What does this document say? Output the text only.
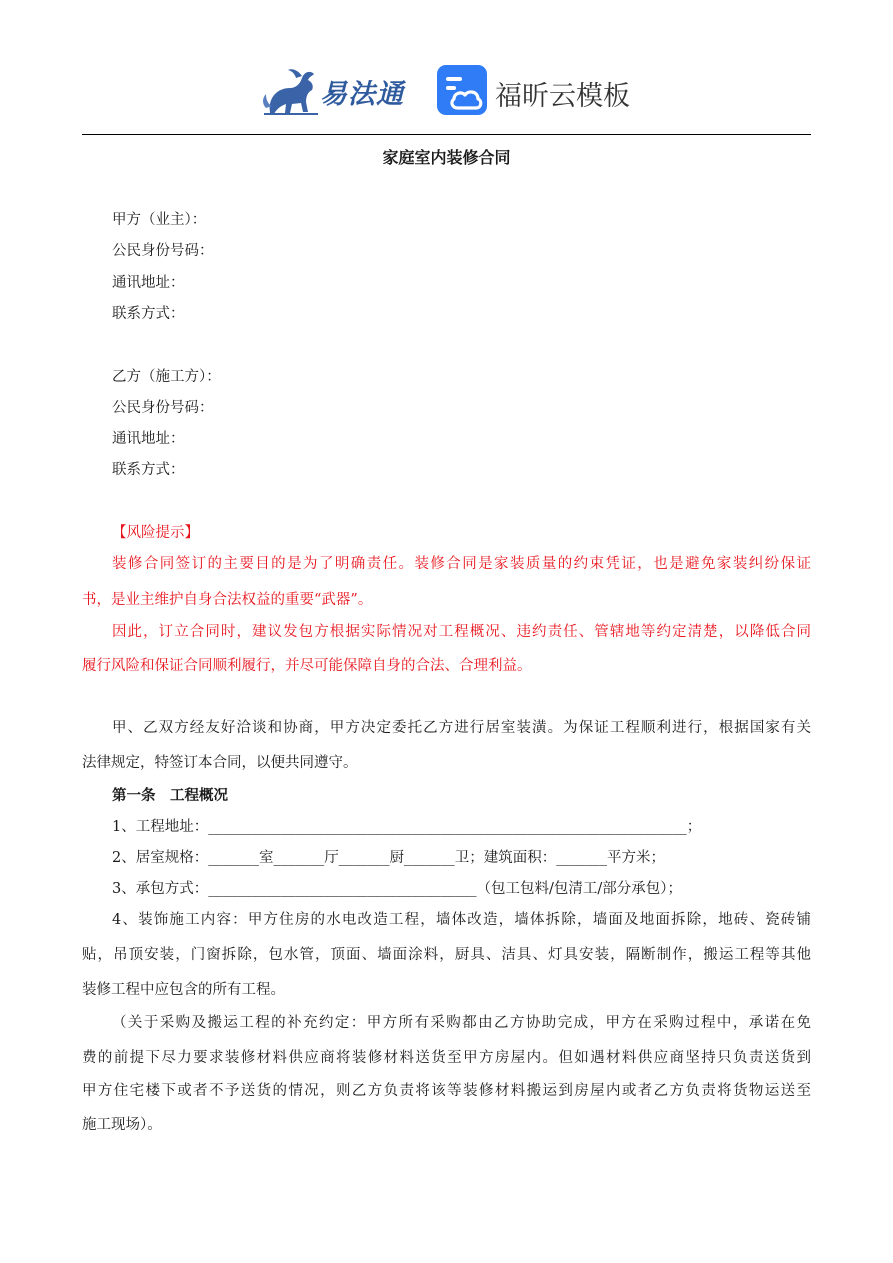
易法通	福昕云模板
家庭室内装修合同
甲方（业主）：
公民身份号码：
通讯地址：
联系方式：
乙方（施工方）：
公民身份号码：
通讯地址：
联系方式：
【风险提示】
装修合同签订的主要目的是为了明确责任。装修合同是家装质量的约束凭证，也是避免家装纠纷保证
书，是业主维护自身合法权益的重要“武器”。
因此，订立合同时，建议发包方根据实际情况对工程概况、违约责任、管辖地等约定清楚，以降低合同
履行风险和保证合同顺利履行，并尽可能保障自身的合法、合理利益。
甲、乙双方经友好洽谈和协商，甲方决定委托乙方进行居室装潢。为保证工程顺利进行，根据国家有关
法律规定，特签订本合同，以便共同遵守。
第一条　工程概况
1、工程地址：__________________________________________________________________；
2、居室规格：_______室_______厅_______厨_______卫；建筑面积：_______平方米；
3、承包方式：_____________________________________（包工包料/包清工/部分承包）；
4、装饰施工内容：甲方住房的水电改造工程，墙体改造，墙体拆除，墙面及地面拆除，地砖、瓷砖铺
贴，吊顶安装，门窗拆除，包水管，顶面、墙面涂料，厨具、洁具、灯具安装，隔断制作，搬运工程等其他
装修工程中应包含的所有工程。
（关于采购及搬运工程的补充约定：甲方所有采购都由乙方协助完成，甲方在采购过程中，承诺在免
费的前提下尽力要求装修材料供应商将装修材料送货至甲方房屋内。但如遇材料供应商坚持只负责送货到
甲方住宅楼下或者不予送货的情况，则乙方负责将该等装修材料搬运到房屋内或者乙方负责将货物运送至
施工现场）。
